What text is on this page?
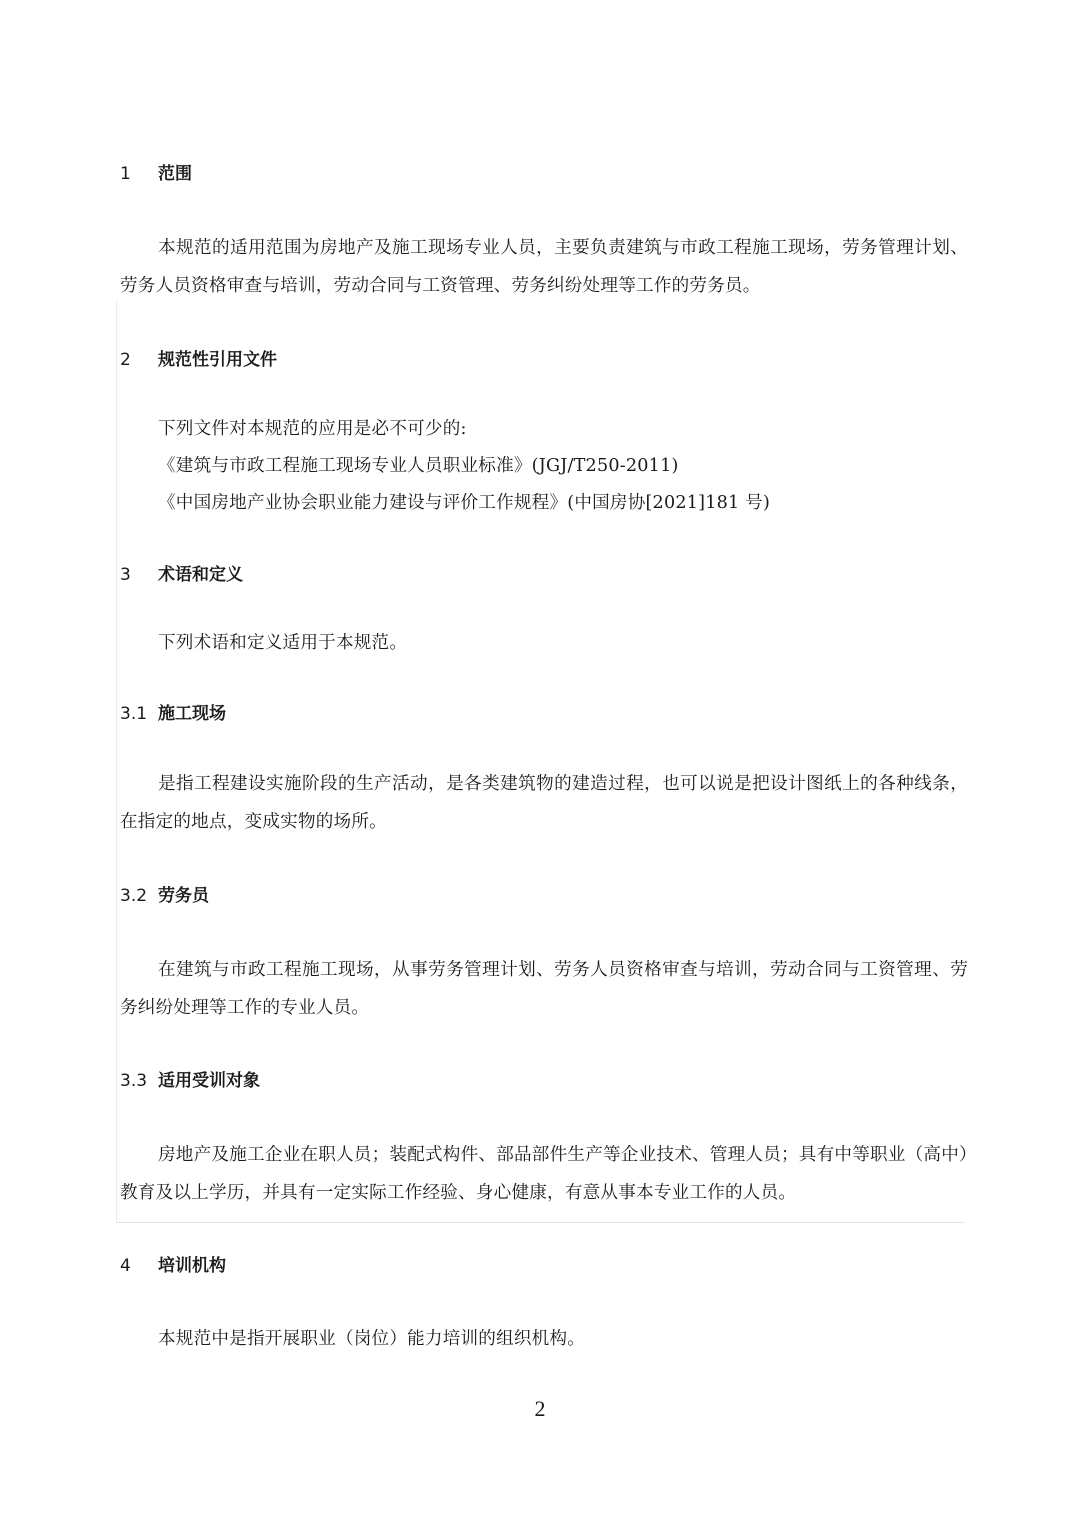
1 范围
本规范的适用范围为房地产及施工现场专业人员，主要负责建筑与市政工程施工现场，劳务管理计划、劳务人员资格审查与培训，劳动合同与工资管理、劳务纠纷处理等工作的劳务员。
2 规范性引用文件
下列文件对本规范的应用是必不可少的:
《建筑与市政工程施工现场专业人员职业标准》(JGJ/T250-2011)
《中国房地产业协会职业能力建设与评价工作规程》(中国房协[2021]181 号)
3 术语和定义
下列术语和定义适用于本规范。
3.1 施工现场
是指工程建设实施阶段的生产活动，是各类建筑物的建造过程，也可以说是把设计图纸上的各种线条，在指定的地点，变成实物的场所。
3.2 劳务员
在建筑与市政工程施工现场，从事劳务管理计划、劳务人员资格审查与培训，劳动合同与工资管理、劳务纠纷处理等工作的专业人员。
3.3 适用受训对象
房地产及施工企业在职人员；装配式构件、部品部件生产等企业技术、管理人员；具有中等职业（高中）教育及以上学历，并具有一定实际工作经验、身心健康，有意从事本专业工作的人员。
4 培训机构
本规范中是指开展职业（岗位）能力培训的组织机构。
2
